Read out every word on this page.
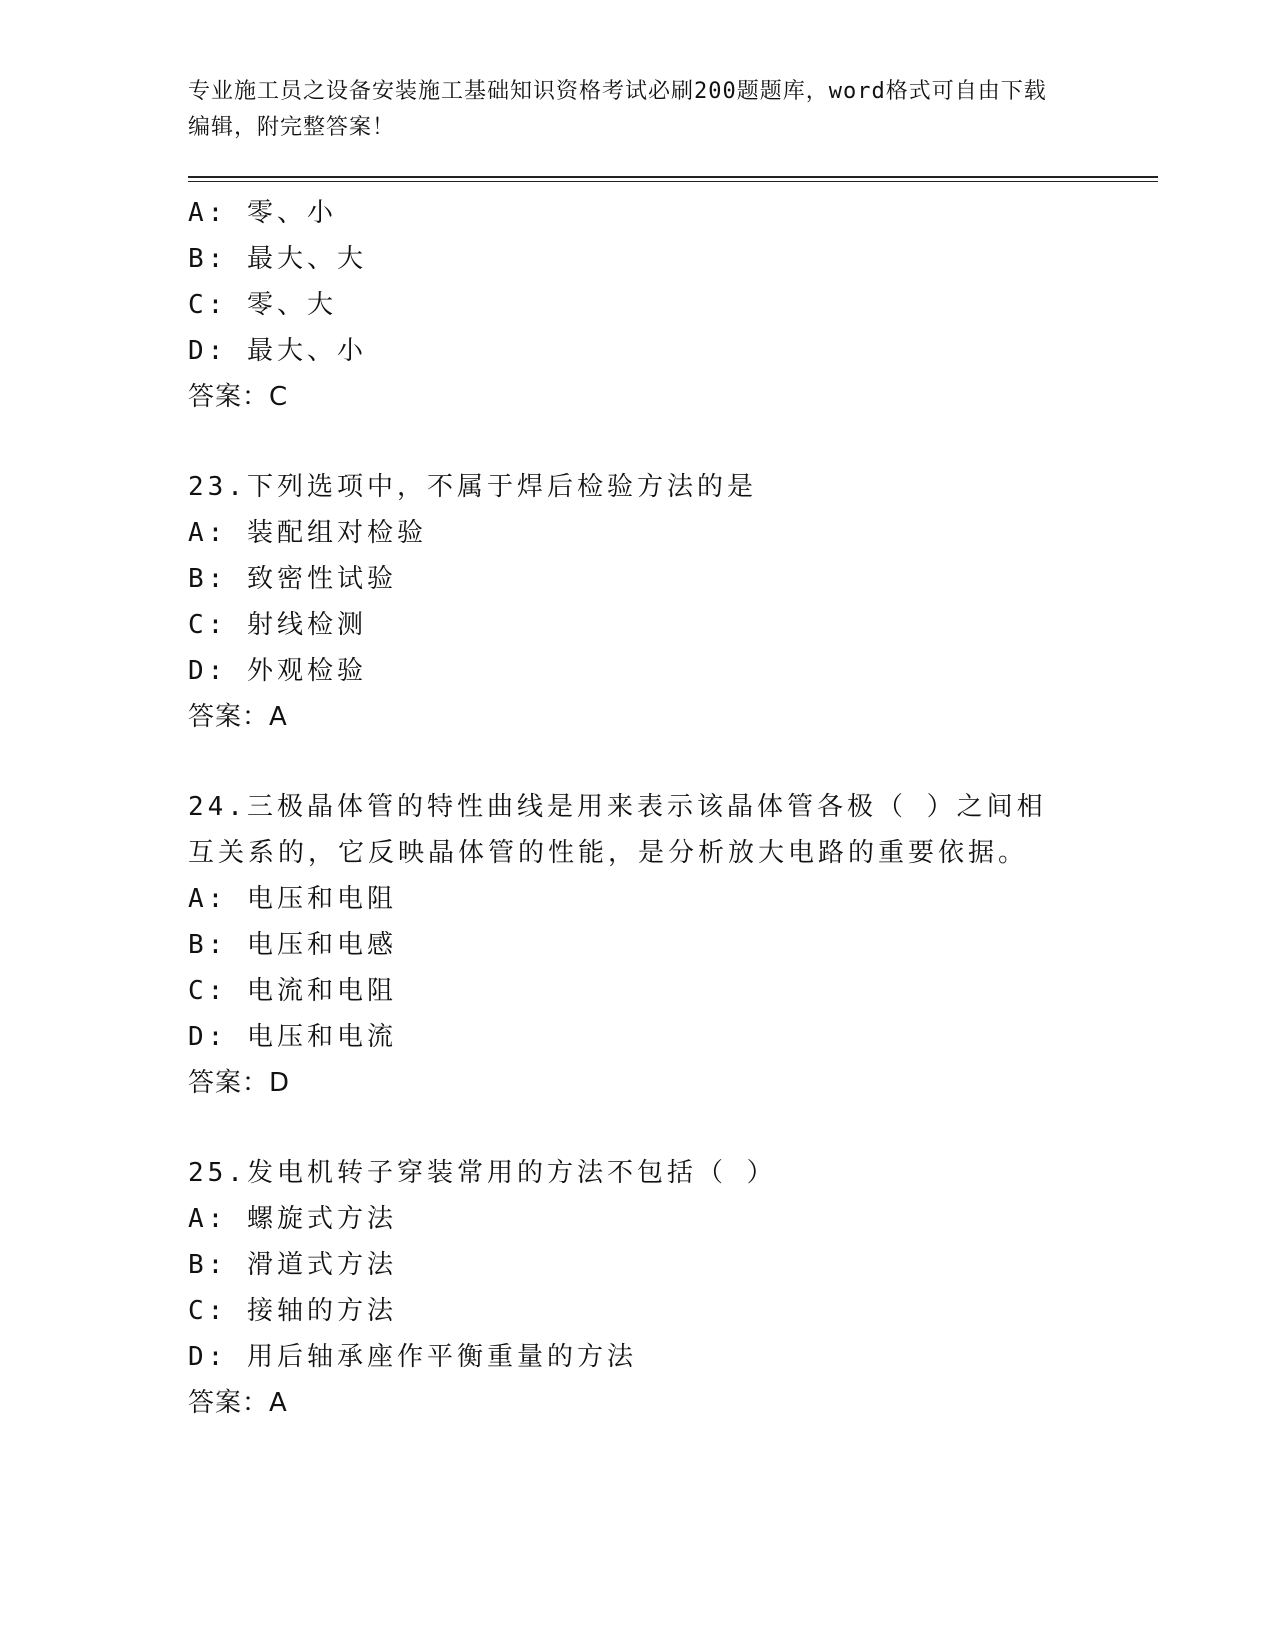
专业施工员之设备安装施工基础知识资格考试必刷200题题库，word格式可自由下载编辑，附完整答案！
A: 零、小
B: 最大、大
C: 零、大
D: 最大、小
答案：C
23.下列选项中，不属于焊后检验方法的是
A: 装配组对检验
B: 致密性试验
C: 射线检测
D: 外观检验
答案：A
24.三极晶体管的特性曲线是用来表示该晶体管各极（ ）之间相互关系的，它反映晶体管的性能，是分析放大电路的重要依据。
A: 电压和电阻
B: 电压和电感
C: 电流和电阻
D: 电压和电流
答案：D
25.发电机转子穿装常用的方法不包括（ ）
A: 螺旋式方法
B: 滑道式方法
C: 接轴的方法
D: 用后轴承座作平衡重量的方法
答案：A
